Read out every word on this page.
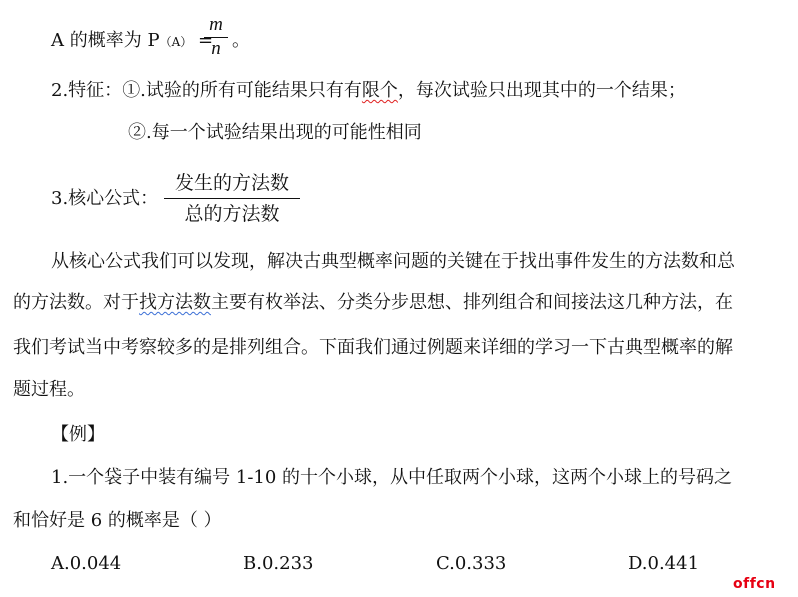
A 的概率为 P（A） =
m
n 。
2.特征：①.试验的所有可能结果只有有限个，每次试验只出现其中的一个结果；
②.每一个试验结果出现的可能性相同
3.核心公式：
发生的方法数
总的方法数
从核心公式我们可以发现，解决古典型概率问题的关键在于找出事件发生的方法数和总
的方法数。对于找方法数主要有枚举法、分类分步思想、排列组合和间接法这几种方法，在
我们考试当中考察较多的是排列组合。下面我们通过例题来详细的学习一下古典型概率的解
题过程。
【例】
1.一个袋子中装有编号 1-10 的十个小球，从中任取两个小球，这两个小球上的号码之
和恰好是 6 的概率是（ ）
A.0.044	B.0.233	C.0.333	D.0.441
offcn
